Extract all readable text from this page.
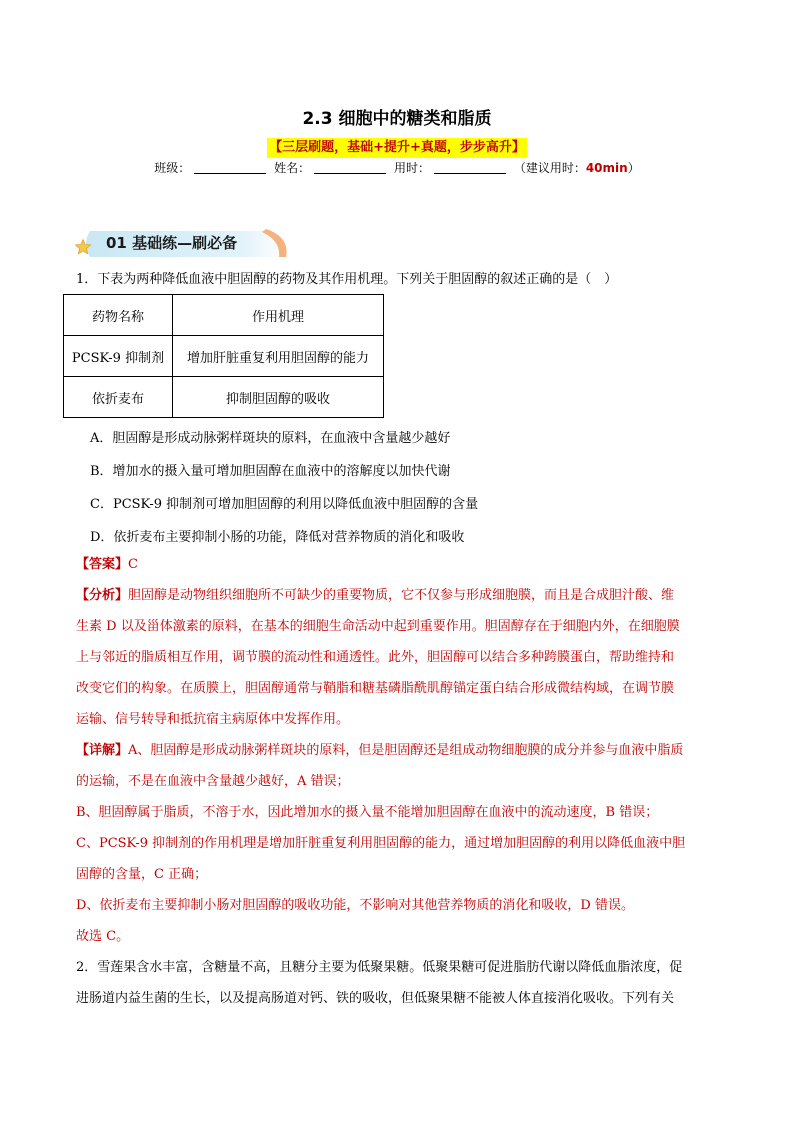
2.3 细胞中的糖类和脂质
【三层刷题，基础+提升+真题，步步高升】
班级：	姓名：	用时：	（建议用时：40min）
01 基础练—刷必备
1．下表为两种降低血液中胆固醇的药物及其作用机理。下列关于胆固醇的叙述正确的是（　）
药物名称	作用机理
PCSK-9 抑制剂	增加肝脏重复利用胆固醇的能力
依折麦布	抑制胆固醇的吸收
A．胆固醇是形成动脉粥样斑块的原料，在血液中含量越少越好
B．增加水的摄入量可增加胆固醇在血液中的溶解度以加快代谢
C．PCSK-9 抑制剂可增加胆固醇的利用以降低血液中胆固醇的含量
D．依折麦布主要抑制小肠的功能，降低对营养物质的消化和吸收
【答案】C
【分析】胆固醇是动物组织细胞所不可缺少的重要物质，它不仅参与形成细胞膜，而且是合成胆汁酸、维
生素 D 以及甾体激素的原料，在基本的细胞生命活动中起到重要作用。胆固醇存在于细胞内外，在细胞膜
上与邻近的脂质相互作用，调节膜的流动性和通透性。此外，胆固醇可以结合多种跨膜蛋白，帮助维持和
改变它们的构象。在质膜上，胆固醇通常与鞘脂和糖基磷脂酰肌醇锚定蛋白结合形成微结构域，在调节膜
运输、信号转导和抵抗宿主病原体中发挥作用。
【详解】A、胆固醇是形成动脉粥样斑块的原料，但是胆固醇还是组成动物细胞膜的成分并参与血液中脂质
的运输，不是在血液中含量越少越好，A 错误；
B、胆固醇属于脂质，不溶于水，因此增加水的摄入量不能增加胆固醇在血液中的流动速度，B 错误；
C、PCSK-9 抑制剂的作用机理是增加肝脏重复利用胆固醇的能力，通过增加胆固醇的利用以降低血液中胆
固醇的含量，C 正确；
D、依折麦布主要抑制小肠对胆固醇的吸收功能，不影响对其他营养物质的消化和吸收，D 错误。
故选 C。
2．雪莲果含水丰富，含糖量不高，且糖分主要为低聚果糖。低聚果糖可促进脂肪代谢以降低血脂浓度，促
进肠道内益生菌的生长，以及提高肠道对钙、铁的吸收，但低聚果糖不能被人体直接消化吸收。下列有关
